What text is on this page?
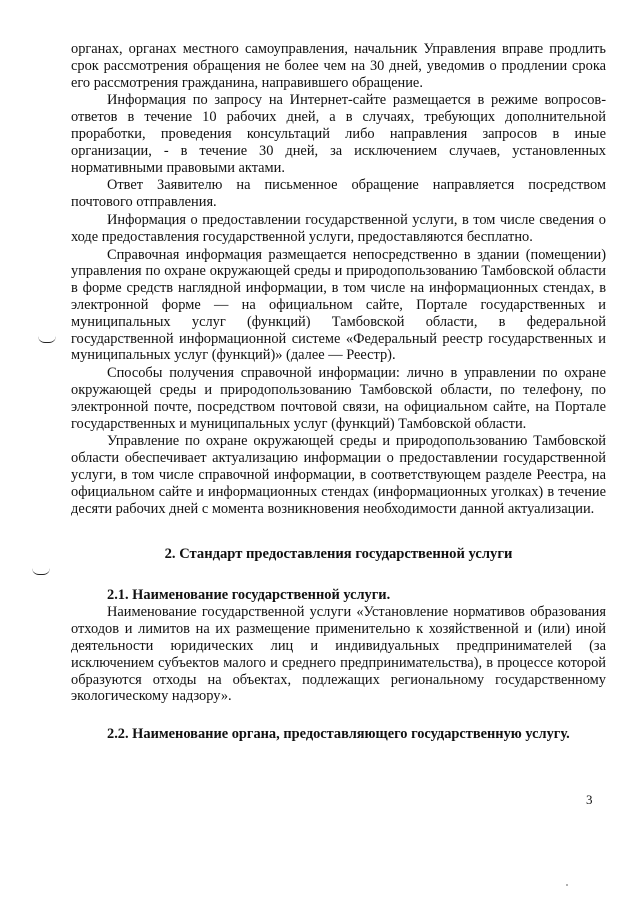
органах, органах местного самоуправления, начальник Управления вправе продлить срок рассмотрения обращения не более чем на 30 дней, уведомив о продлении срока его рассмотрения гражданина, направившего обращение.

Информация по запросу на Интернет-сайте размещается в режиме вопросов-ответов в течение 10 рабочих дней, а в случаях, требующих дополнительной проработки, проведения консультаций либо направления запросов в иные организации, - в течение 30 дней, за исключением случаев, установленных нормативными правовыми актами.

Ответ Заявителю на письменное обращение направляется посредством почтового отправления.

Информация о предоставлении государственной услуги, в том числе сведения о ходе предоставления государственной услуги, предоставляются бесплатно.

Справочная информация размещается непосредственно в здании (помещении) управления по охране окружающей среды и природопользованию Тамбовской области в форме средств наглядной информации, в том числе на информационных стендах, в электронной форме — на официальном сайте, Портале государственных и муниципальных услуг (функций) Тамбовской области, в федеральной государственной информационной системе «Федеральный реестр государственных и муниципальных услуг (функций)» (далее — Реестр).

Способы получения справочной информации: лично в управлении по охране окружающей среды и природопользованию Тамбовской области, по телефону, по электронной почте, посредством почтовой связи, на официальном сайте, на Портале государственных и муниципальных услуг (функций) Тамбовской области.

Управление по охране окружающей среды и природопользованию Тамбовской области обеспечивает актуализацию информации о предоставлении государственной услуги, в том числе справочной информации, в соответствующем разделе Реестра, на официальном сайте и информационных стендах (информационных уголках) в течение десяти рабочих дней с момента возникновения необходимости данной актуализации.

2. Стандарт предоставления государственной услуги
2.1. Наименование государственной услуги.

Наименование государственной услуги «Установление нормативов образования отходов и лимитов на их размещение применительно к хозяйственной и (или) иной деятельности юридических лиц и индивидуальных предпринимателей (за исключением субъектов малого и среднего предпринимательства), в процессе которой образуются отходы на объектах, подлежащих региональному государственному экологическому надзору».

2.2. Наименование органа, предоставляющего государственную услугу.
3
